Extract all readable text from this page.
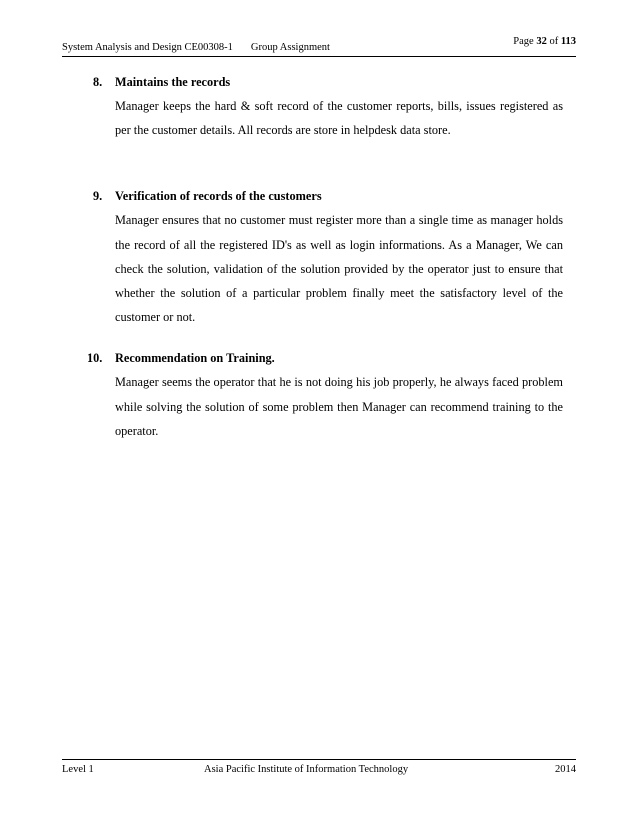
System Analysis and Design CE00308-1 Group Assignment
Page 32 of 113
8. Maintains the records

Manager keeps the hard & soft record of the customer reports, bills, issues registered as per the customer details. All records are store in helpdesk data store.

9. Verification of records of the customers

Manager ensures that no customer must register more than a single time as manager holds the record of all the registered ID's as well as login informations. As a Manager, We can check the solution, validation of the solution provided by the operator just to ensure that whether the solution of a particular problem finally meet the satisfactory level of the customer or not.

10. Recommendation on Training.

Manager seems the operator that he is not doing his job properly, he always faced problem while solving the solution of some problem then Manager can recommend training to the operator.

Level 1	Asia Pacific Institute of Information Technology	2014
